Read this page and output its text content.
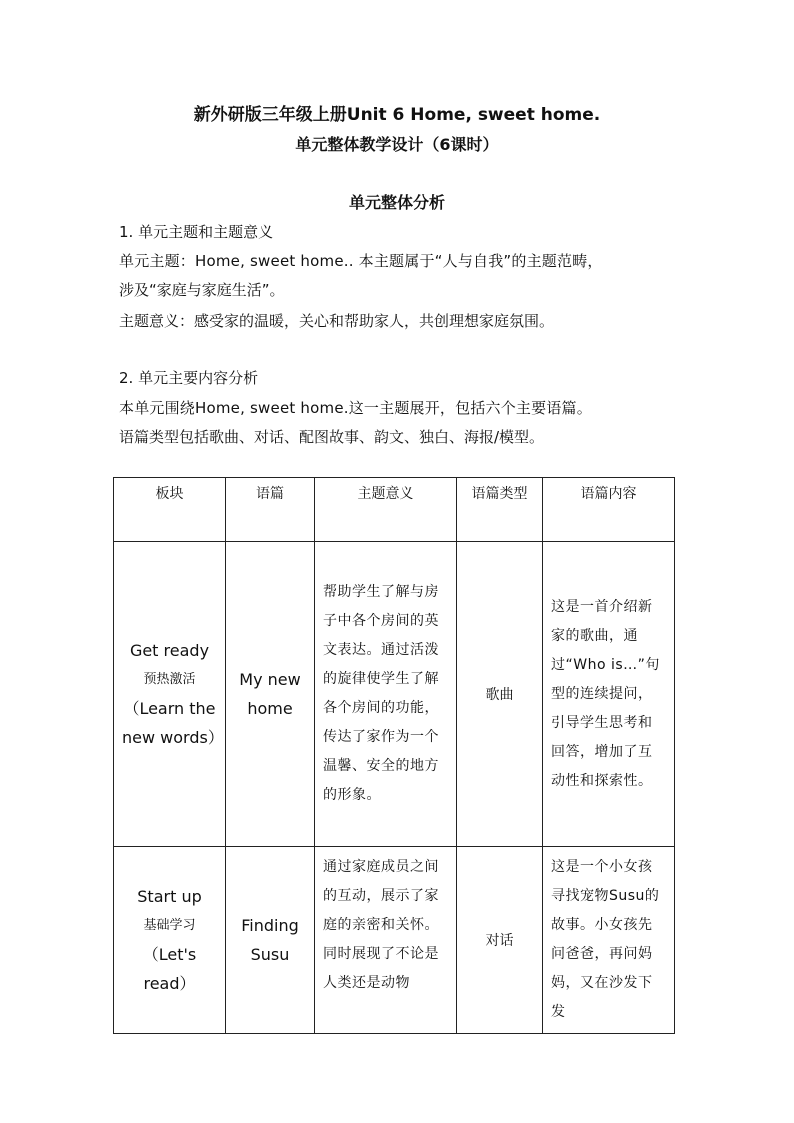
新外研版三年级上册Unit 6 Home, sweet home.
单元整体教学设计（6课时）
单元整体分析
1. 单元主题和主题意义
单元主题：Home, sweet home.. 本主题属于“人与自我”的主题范畴，
涉及“家庭与家庭生活”。
主题意义：感受家的温暖，关心和帮助家人，共创理想家庭氛围。
2. 单元主要内容分析
本单元围绕Home, sweet home.这一主题展开，包括六个主要语篇。
语篇类型包括歌曲、对话、配图故事、韵文、独白、海报/模型。
板块	语篇	主题意义	语篇类型	语篇内容

Get ready
预热激活
（Learn the new words）	My new home	帮助学生了解与房子中各个房间的英文表达。通过活泼的旋律使学生了解各个房间的功能，传达了家作为一个温馨、安全的地方的形象。	歌曲	这是一首介绍新家的歌曲，通过“Who is…”句型的连续提问，引导学生思考和回答，增加了互动性和探索性。

Start up
基础学习
（Let's read）	Finding Susu	通过家庭成员之间的互动，展示了家庭的亲密和关怀。同时展现了不论是人类还是动物	对话	这是一个小女孩寻找宠物Susu的故事。小女孩先问爸爸，再问妈妈，又在沙发下发
